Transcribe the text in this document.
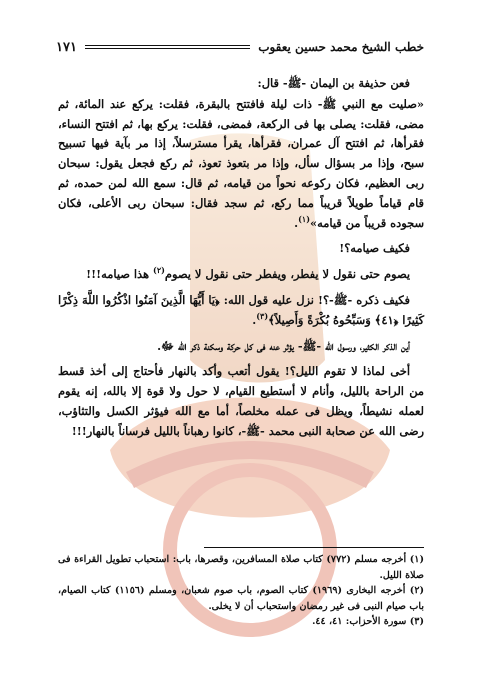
خطب الشيخ محمد حسين يعقوب
١٧١

فعن حذيفة بن اليمان -ﷺ- قال:

«صليت مع النبي ﷺ- ذات ليلة فافتتح بالبقرة، فقلت: يركع عند المائة، ثم مضى، فقلت: يصلى بها فى الركعة، فمضى، فقلت: يركع بها، ثم افتتح النساء، فقرأها، ثم افتتح آل عمران، فقرأها، يقرأ مسترسلاً، إذا مر بآية فيها تسبيح سبح، وإذا مر بسؤال سأل، وإذا مر بتعوذ تعوذ، ثم ركع فجعل يقول: سبحان ربى العظيم، فكان ركوعه نحواً من قيامه، ثم قال: سمع الله لمن حمده، ثم قام قياماً طويلاً قريباً مما ركع، ثم سجد فقال: سبحان ربى الأعلى، فكان سجوده قريباً من قيامه»$^{(١)}$.

فكيف صيامه؟!

يصوم حتى نقول لا يفطر، ويفطر حتى نقول لا يصوم$^{(٢)}$ هذا صيامه!!!

فكيف ذكره -ﷺ-؟! نزل عليه قول الله: ﴿يَا أَيُّهَا الَّذِينَ آمَنُوا اذْكُرُوا اللَّهَ ذِكْرًا كَثِيرًا ﴿٤١﴾ وَسَبِّحُوهُ بُكْرَةً وَأَصِيلاً﴾$^{(٣)}$.

أين الذكر الكثير، ورسول الله -ﷺ- يؤثر عنه فى كل حركة وسكنة ذكر الله ﷻ.

أخى لماذا لا تقوم الليل؟! يقول أتعب وأكد بالنهار فأحتاج إلى أخذ قسط من الراحة بالليل، وأنام لا أستطيع القيام، لا حول ولا قوة إلا بالله، إنه يقوم لعمله نشيطاً، ويظل فى عمله مخلصاً، أما مع الله فيؤثر الكسل والتثاؤب، رضى الله عن صحابة النبى محمد -ﷺ-، كانوا رهباناً بالليل فرساناً بالنهار!!!

(١) أخرجه مسلم (٧٧٢) كتاب صلاة المسافرين، وقصرها، باب: استحباب تطويل القراءة فى صلاة الليل.

(٢) أخرجه البخارى (١٩٦٩) كتاب الصوم، باب صوم شعبان، ومسلم (١١٥٦) كتاب الصيام، باب صيام النبى فى غير رمضان واستحباب أن لا يخلى.

(٣) سورة الأحزاب: ٤١، ٤٤.
